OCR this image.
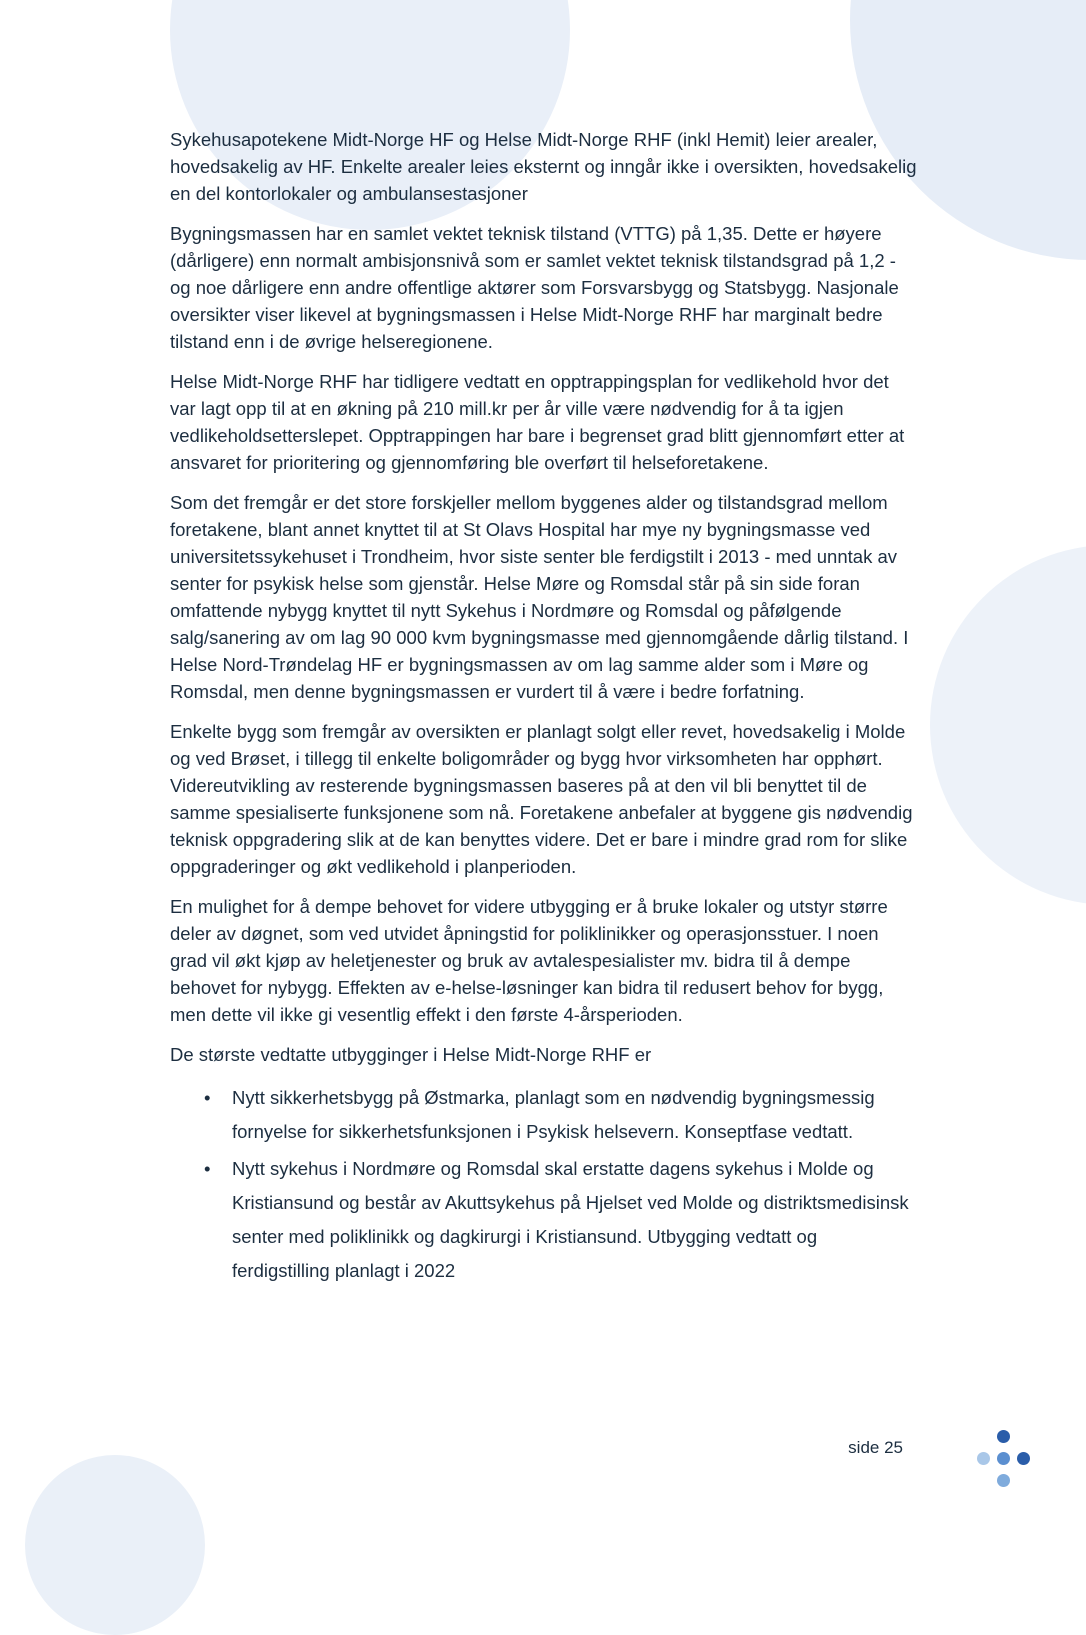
Sykehusapotekene Midt-Norge HF og Helse Midt-Norge RHF (inkl Hemit) leier arealer, hovedsakelig av HF. Enkelte arealer leies eksternt og inngår ikke i oversikten, hovedsakelig en del kontorlokaler og ambulansestasjoner

Bygningsmassen har en samlet vektet teknisk tilstand (VTTG) på 1,35. Dette er høyere (dårligere) enn normalt ambisjonsnivå som er samlet vektet teknisk tilstandsgrad på 1,2 - og noe dårligere enn andre offentlige aktører som Forsvarsbygg og Statsbygg. Nasjonale oversikter viser likevel at bygningsmassen i Helse Midt-Norge RHF har marginalt bedre tilstand enn i de øvrige helseregionene.

Helse Midt-Norge RHF har tidligere vedtatt en opptrappingsplan for vedlikehold hvor det var lagt opp til at en økning på 210 mill.kr per år ville være nødvendig for å ta igjen vedlikeholdsetterslepet. Opptrappingen har bare i begrenset grad blitt gjennomført etter at ansvaret for prioritering og gjennomføring ble overført til helseforetakene.

Som det fremgår er det store forskjeller mellom byggenes alder og tilstandsgrad mellom foretakene, blant annet knyttet til at St Olavs Hospital har mye ny bygningsmasse ved universitetssykehuset i Trondheim, hvor siste senter ble ferdigstilt i 2013 - med unntak av senter for psykisk helse som gjenstår. Helse Møre og Romsdal står på sin side foran omfattende nybygg knyttet til nytt Sykehus i Nordmøre og Romsdal og påfølgende salg/sanering av om lag 90 000 kvm bygningsmasse med gjennomgående dårlig tilstand. I Helse Nord-Trøndelag HF er bygningsmassen av om lag samme alder som i Møre og Romsdal, men denne bygningsmassen er vurdert til å være i bedre forfatning.

Enkelte bygg som fremgår av oversikten er planlagt solgt eller revet, hovedsakelig i Molde og ved Brøset, i tillegg til enkelte boligområder og bygg hvor virksomheten har opphørt. Videreutvikling av resterende bygningsmassen baseres på at den vil bli benyttet til de samme spesialiserte funksjonene som nå. Foretakene anbefaler at byggene gis nødvendig teknisk oppgradering slik at de kan benyttes videre. Det er bare i mindre grad rom for slike oppgraderinger og økt vedlikehold i planperioden.

En mulighet for å dempe behovet for videre utbygging er å bruke lokaler og utstyr større deler av døgnet, som ved utvidet åpningstid for poliklinikker og operasjonsstuer. I noen grad vil økt kjøp av heletjenester og bruk av avtalespesialister mv. bidra til å dempe behovet for nybygg. Effekten av e-helse-løsninger kan bidra til redusert behov for bygg, men dette vil ikke gi vesentlig effekt i den første 4-årsperioden.

De største vedtatte utbygginger i Helse Midt-Norge RHF er

• Nytt sikkerhetsbygg på Østmarka, planlagt som en nødvendig bygningsmessig fornyelse for sikkerhetsfunksjonen i Psykisk helsevern. Konseptfase vedtatt.
• Nytt sykehus i Nordmøre og Romsdal skal erstatte dagens sykehus i Molde og Kristiansund og består av Akuttsykehus på Hjelset ved Molde og distriktsmedisinsk senter med poliklinikk og dagkirurgi i Kristiansund. Utbygging vedtatt og ferdigstilling planlagt i 2022
side 25
